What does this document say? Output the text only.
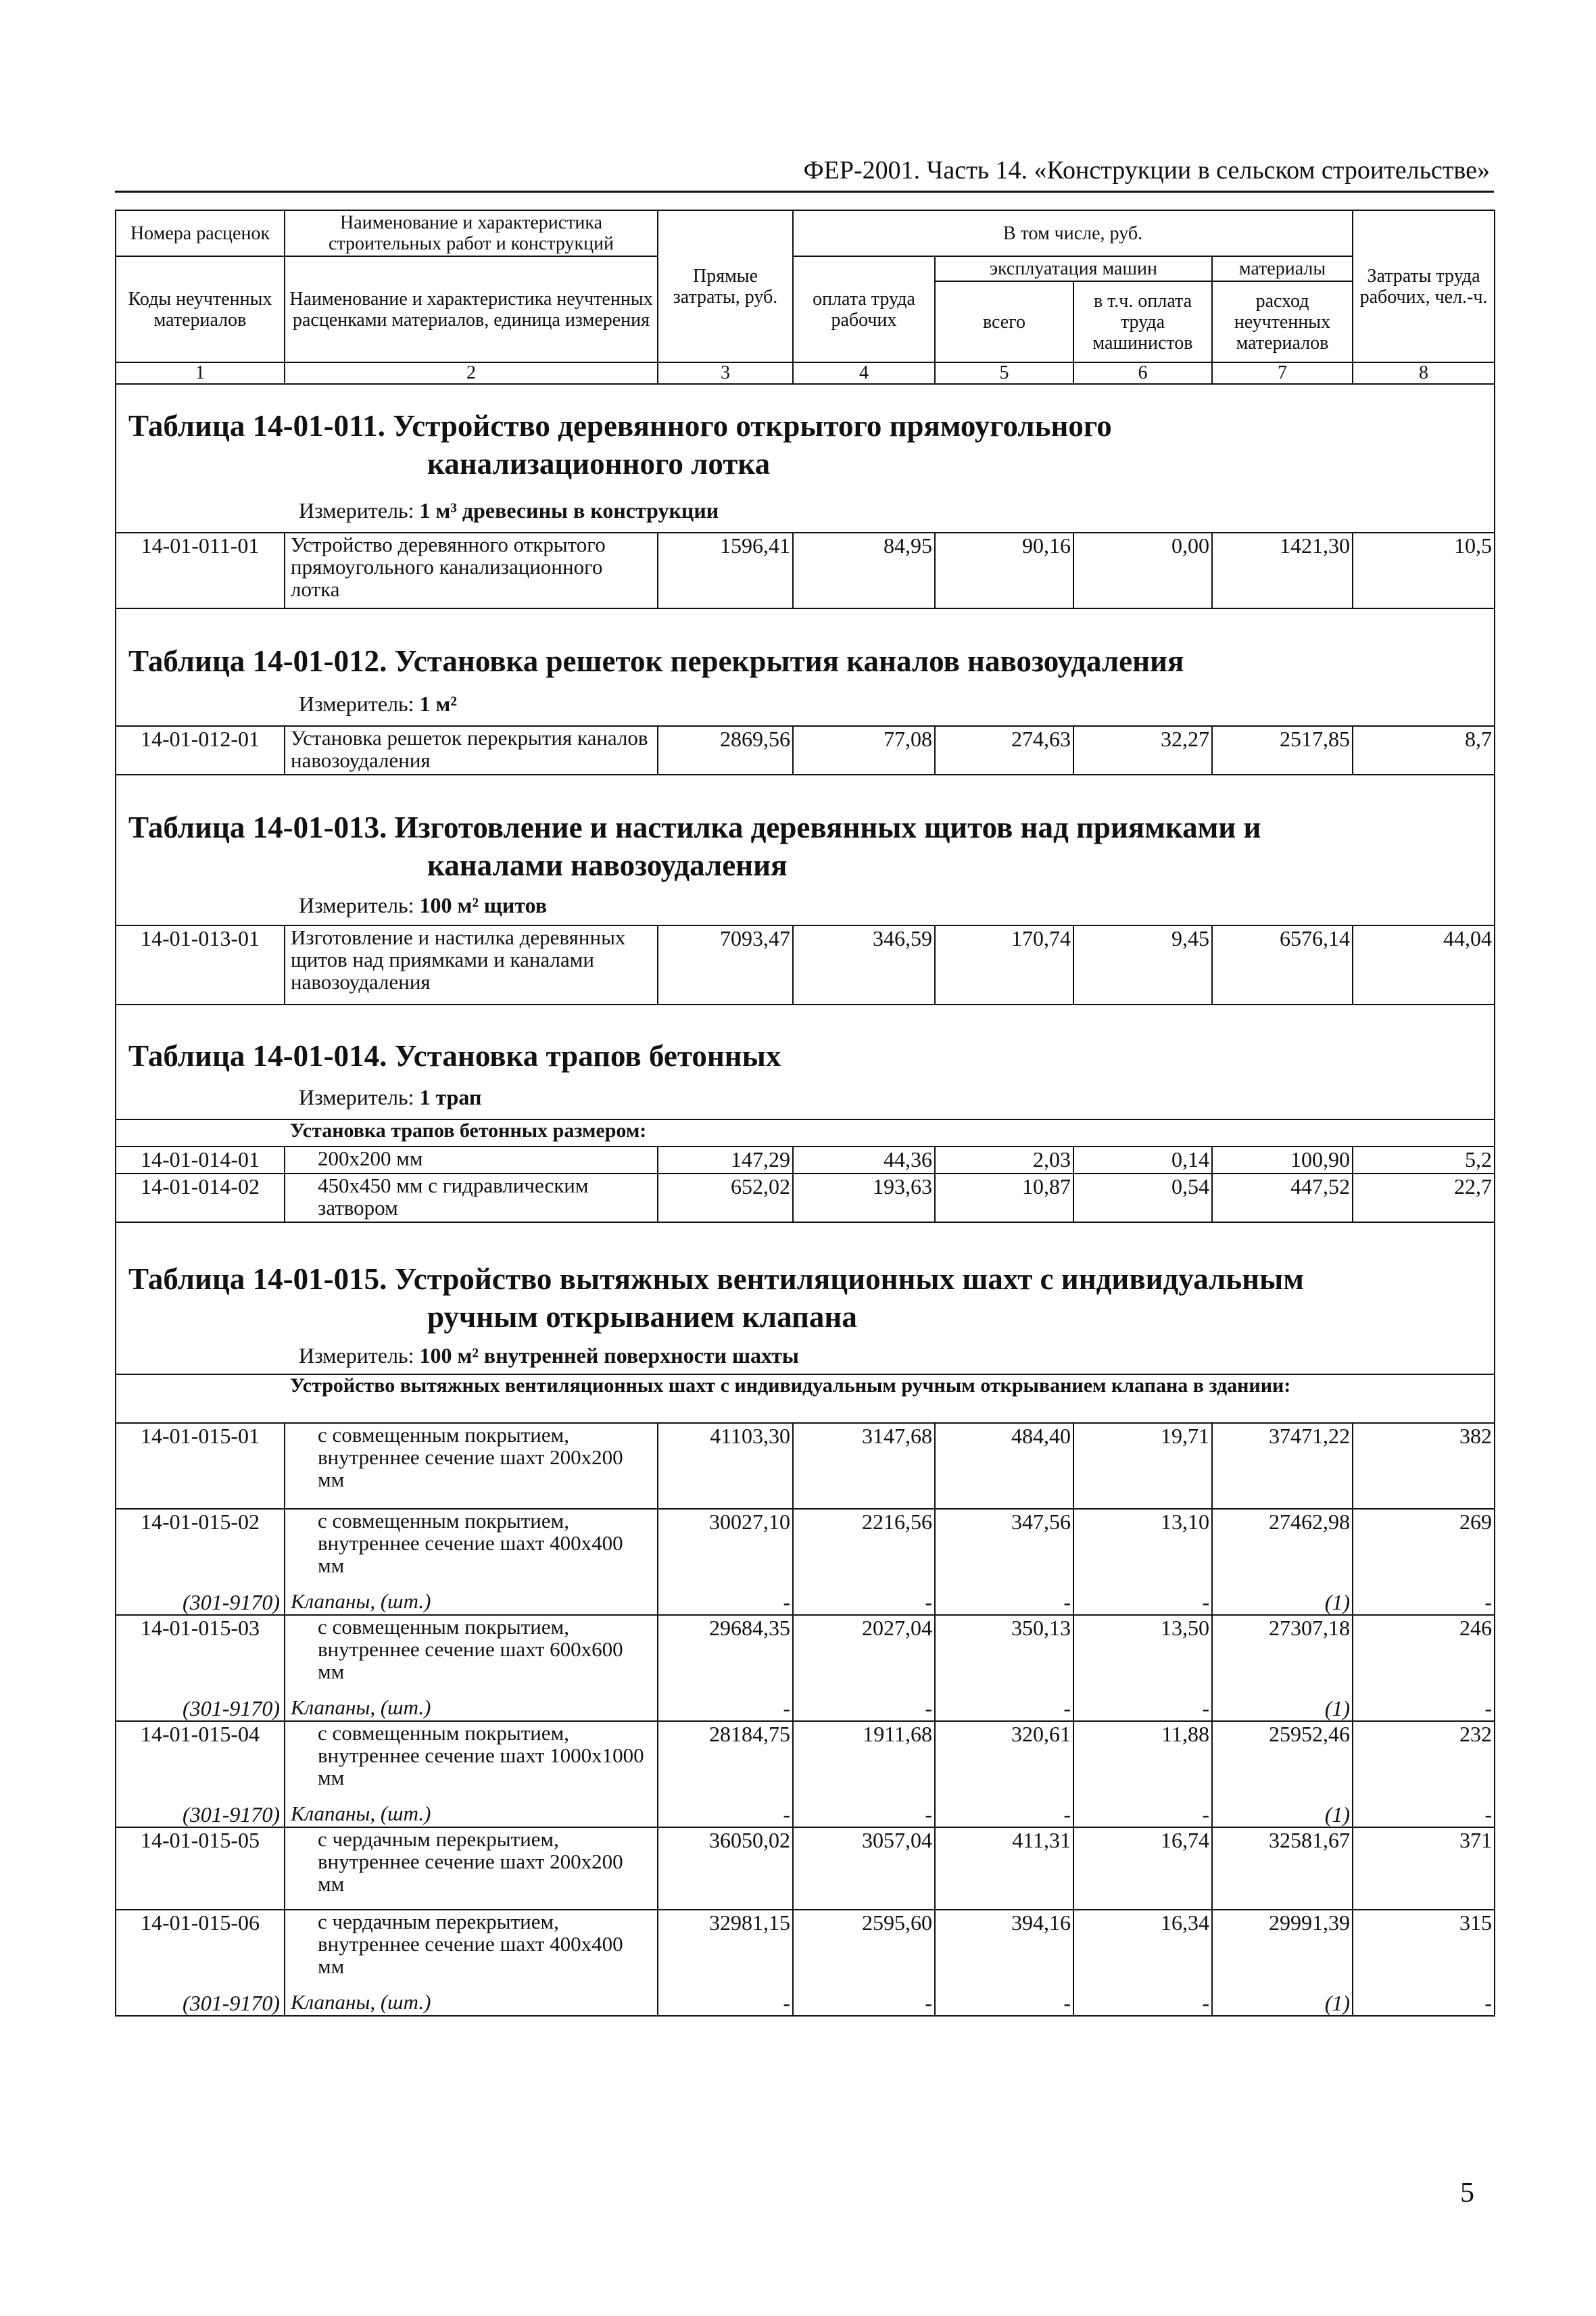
ФЕР-2001. Часть 14. «Конструкции в сельском строительстве»
Номера расценок	Наименование и характеристика строительных работ и конструкций	Прямые затраты, руб.	В том числе, руб.				Затраты труда рабочих, чел.-ч.
Коды неучтенных материалов	Наименование и характеристика неучтенных расценками материалов, единица измерения		оплата труда рабочих	эксплуатация машин		материалы	
				всего	в т.ч. оплата труда машинистов	расход неучтенных материалов	

1	2	3	4	5	6	7	8

Таблица 14-01-011. Устройство деревянного открытого прямоугольного
канализационного лотка
Измеритель: 1 м³ древесины в конструкции							

14-01-011-01	Устройство деревянного открытого прямоугольного канализационного лотка	1596,41	84,95	90,16	0,00	1421,30	10,5

Таблица 14-01-012. Установка решеток перекрытия каналов навозоудаления
Измеритель: 1 м²							

14-01-012-01	Установка решеток перекрытия каналов навозоудаления	2869,56	77,08	274,63	32,27	2517,85	8,7

Таблица 14-01-013. Изготовление и настилка деревянных щитов над приямками и
каналами навозоудаления
Измеритель: 100 м² щитов							

14-01-013-01	Изготовление и настилка деревянных щитов над приямками и каналами навозоудаления	7093,47	346,59	170,74	9,45	6576,14	44,04

Таблица 14-01-014. Установка трапов бетонных
Измеритель: 1 трап							

	Установка трапов бетонных размером:						
14-01-014-01	200х200 мм	147,29	44,36	2,03	0,14	100,90	5,2
14-01-014-02	450х450 мм с гидравлическим затвором	652,02	193,63	10,87	0,54	447,52	22,7

Таблица 14-01-015. Устройство вытяжных вентиляционных шахт с индивидуальным
ручным открыванием клапана
Измеритель: 100 м² внутренней поверхности шахты							

	Устройство вытяжных вентиляционных шахт с индивидуальным ручным открыванием клапана в зданиии:						
14-01-015-01	с совмещенным покрытием, внутреннее сечение шахт 200х200 мм	41103,30	3147,68	484,40	19,71	37471,22	382
14-01-015-02	с совмещенным покрытием, внутреннее сечение шахт 400х400 мм	30027,10	2216,56	347,56	13,10	27462,98	269
(301-9170)	Клапаны, (шт.)	-	-	-	-	(1)	-
14-01-015-03	с совмещенным покрытием, внутреннее сечение шахт 600х600 мм	29684,35	2027,04	350,13	13,50	27307,18	246
(301-9170)	Клапаны, (шт.)	-	-	-	-	(1)	-
14-01-015-04	с совмещенным покрытием, внутреннее сечение шахт 1000х1000 мм	28184,75	1911,68	320,61	11,88	25952,46	232
(301-9170)	Клапаны, (шт.)	-	-	-	-	(1)	-
14-01-015-05	с чердачным перекрытием, внутреннее сечение шахт 200х200 мм	36050,02	3057,04	411,31	16,74	32581,67	371
14-01-015-06	с чердачным перекрытием, внутреннее сечение шахт 400х400 мм	32981,15	2595,60	394,16	16,34	29991,39	315
(301-9170)	Клапаны, (шт.)	-	-	-	-	(1)	-
5
